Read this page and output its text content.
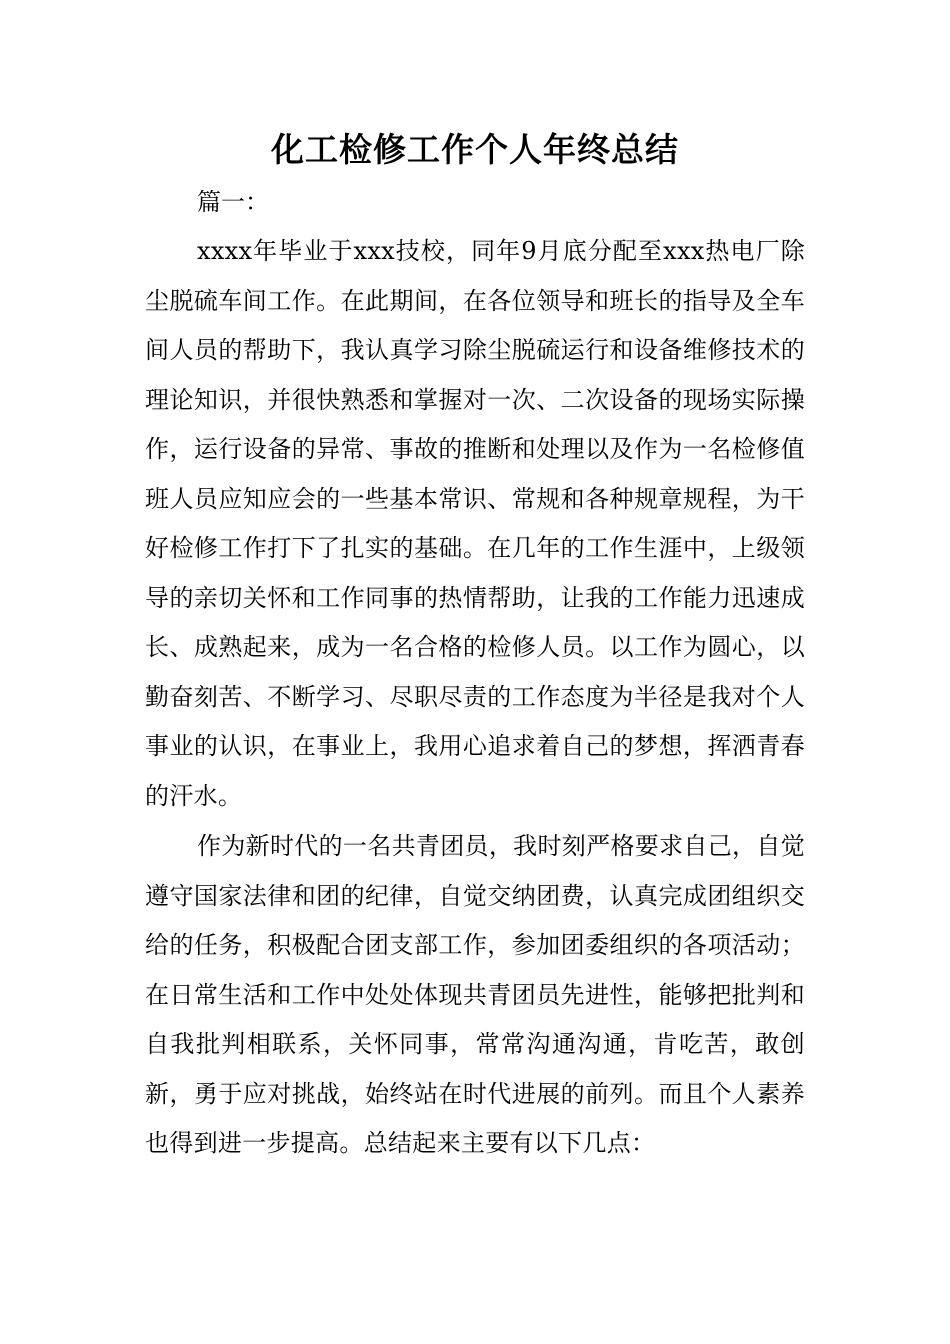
化工检修工作个人年终总结
篇一：

xxxx年毕业于xxx技校，同年9月底分配至xxx热电厂除尘脱硫车间工作。在此期间，在各位领导和班长的指导及全车间人员的帮助下，我认真学习除尘脱硫运行和设备维修技术的理论知识，并很快熟悉和掌握对一次、二次设备的现场实际操作，运行设备的异常、事故的推断和处理以及作为一名检修值班人员应知应会的一些基本常识、常规和各种规章规程，为干好检修工作打下了扎实的基础。在几年的工作生涯中，上级领导的亲切关怀和工作同事的热情帮助，让我的工作能力迅速成长、成熟起来，成为一名合格的检修人员。以工作为圆心，以勤奋刻苦、不断学习、尽职尽责的工作态度为半径是我对个人事业的认识，在事业上，我用心追求着自己的梦想，挥洒青春的汗水。

作为新时代的一名共青团员，我时刻严格要求自己，自觉遵守国家法律和团的纪律，自觉交纳团费，认真完成团组织交给的任务，积极配合团支部工作，参加团委组织的各项活动；在日常生活和工作中处处体现共青团员先进性，能够把批判和自我批判相联系，关怀同事，常常沟通沟通，肯吃苦，敢创新，勇于应对挑战，始终站在时代进展的前列。而且个人素养也得到进一步提高。总结起来主要有以下几点：
